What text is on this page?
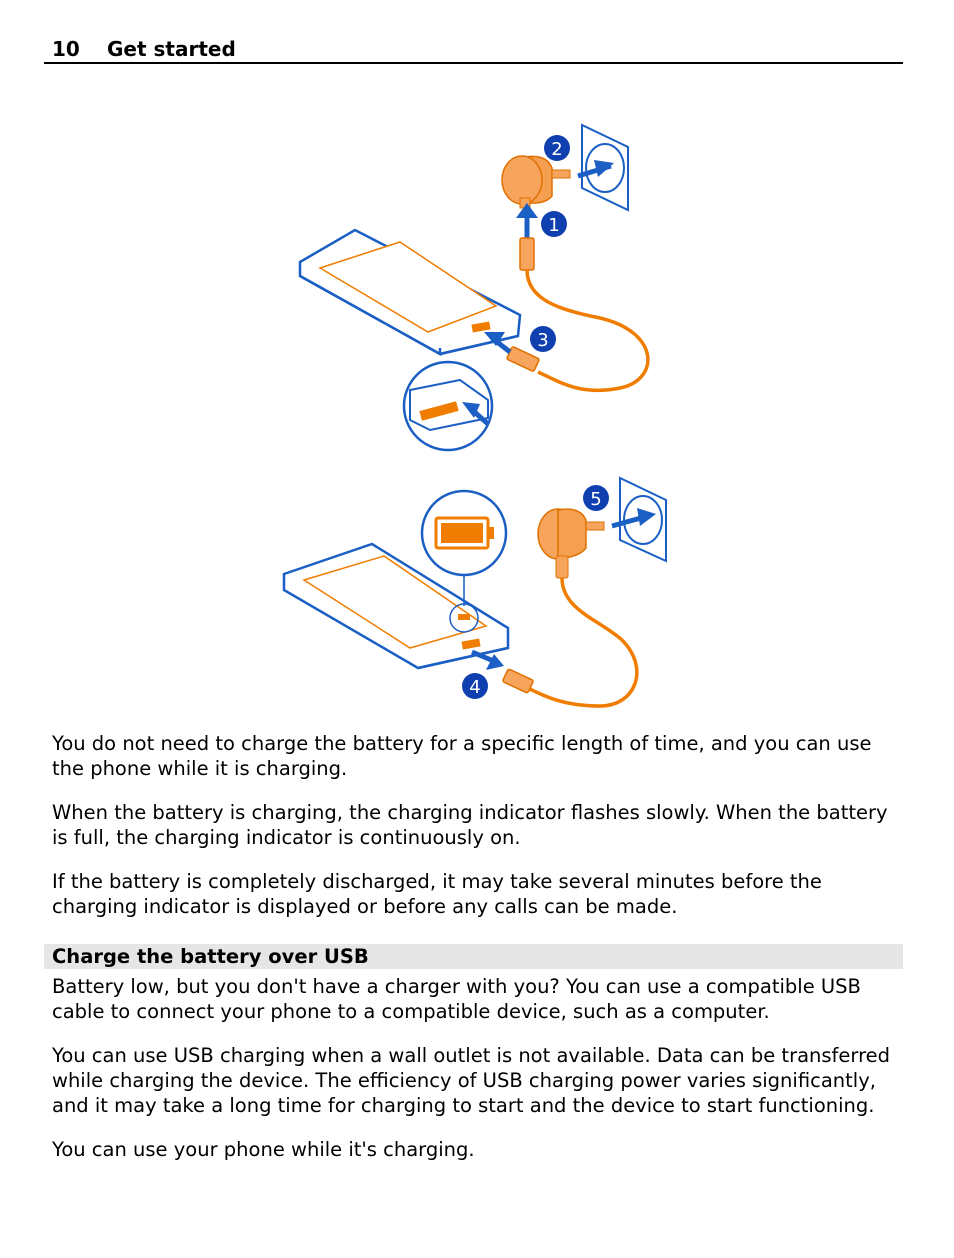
10 Get started
1
2
3
4
5

You do not need to charge the battery for a specific length of time, and you can use the phone while it is charging.

When the battery is charging, the charging indicator flashes slowly. When the battery is full, the charging indicator is continuously on.

If the battery is completely discharged, it may take several minutes before the charging indicator is displayed or before any calls can be made.

Charge the battery over USB

Battery low, but you don't have a charger with you? You can use a compatible USB cable to connect your phone to a compatible device, such as a computer.

You can use USB charging when a wall outlet is not available. Data can be transferred while charging the device. The efficiency of USB charging power varies significantly, and it may take a long time for charging to start and the device to start functioning.

You can use your phone while it's charging.
